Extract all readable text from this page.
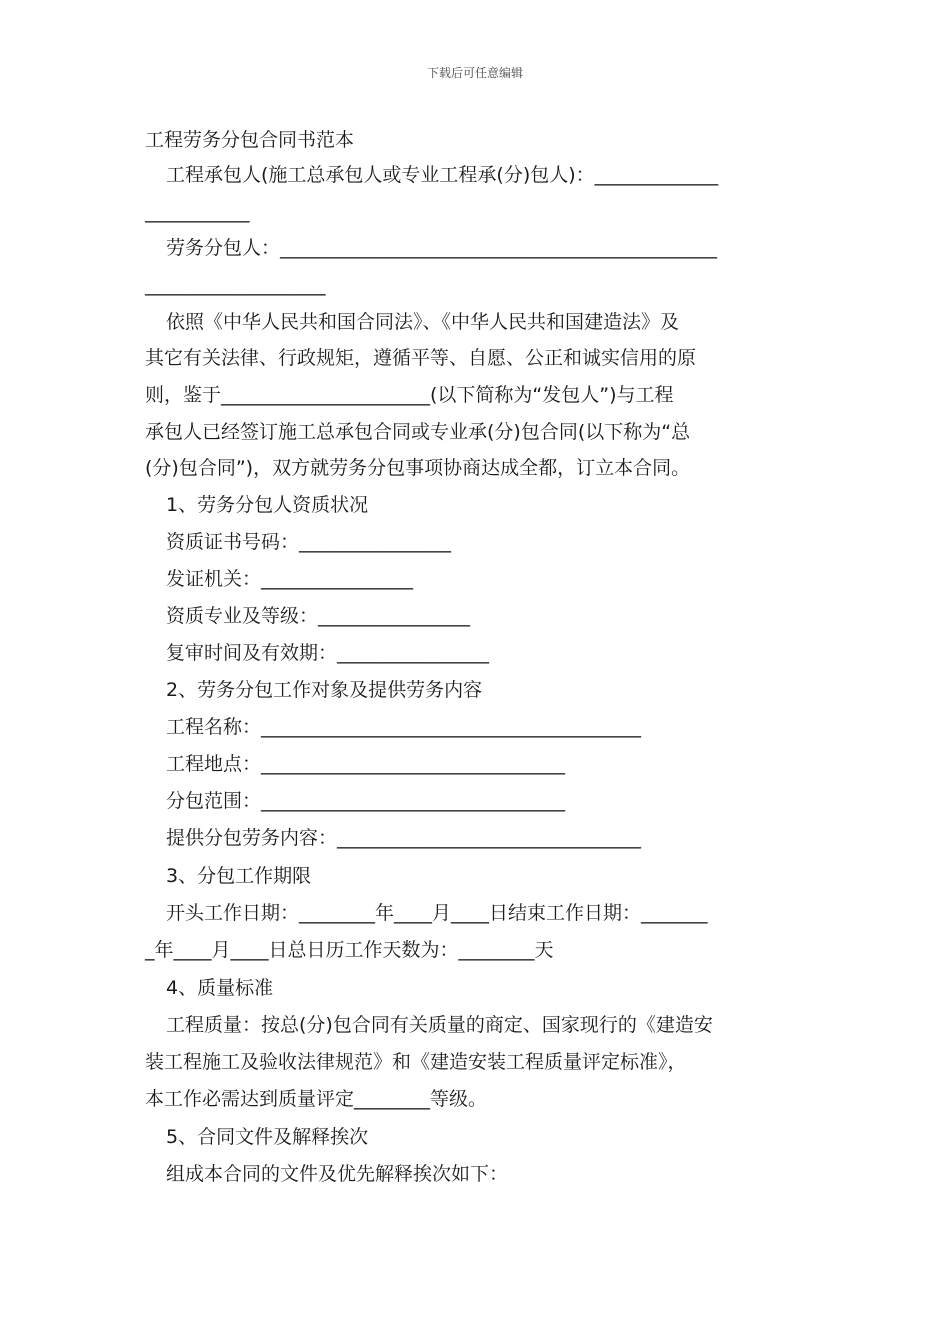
下载后可任意编辑
工程劳务分包合同书范本
工程承包人(施工总承包人或专业工程承(分)包人)：_____________
___________
劳务分包人：______________________________________________
___________________
依照《中华人民共和国合同法》、《中华人民共和国建造法》及
其它有关法律、行政规矩，遵循平等、自愿、公正和诚实信用的原
则，鉴于______________________(以下简称为“发包人”)与工程
承包人已经签订施工总承包合同或专业承(分)包合同(以下称为“总
(分)包合同”)，双方就劳务分包事项协商达成全都，订立本合同。
1、劳务分包人资质状况
资质证书号码：________________
发证机关：________________
资质专业及等级：________________
复审时间及有效期：________________
2、劳务分包工作对象及提供劳务内容
工程名称：________________________________________
工程地点：________________________________
分包范围：________________________________
提供分包劳务内容：________________________________
3、分包工作期限
开头工作日期：________年____月____日结束工作日期：_______
_年____月____日总日历工作天数为：________天
4、质量标准
工程质量：按总(分)包合同有关质量的商定、国家现行的《建造安
装工程施工及验收法律规范》和《建造安装工程质量评定标准》，
本工作必需达到质量评定________等级。
5、合同文件及解释挨次
组成本合同的文件及优先解释挨次如下：
